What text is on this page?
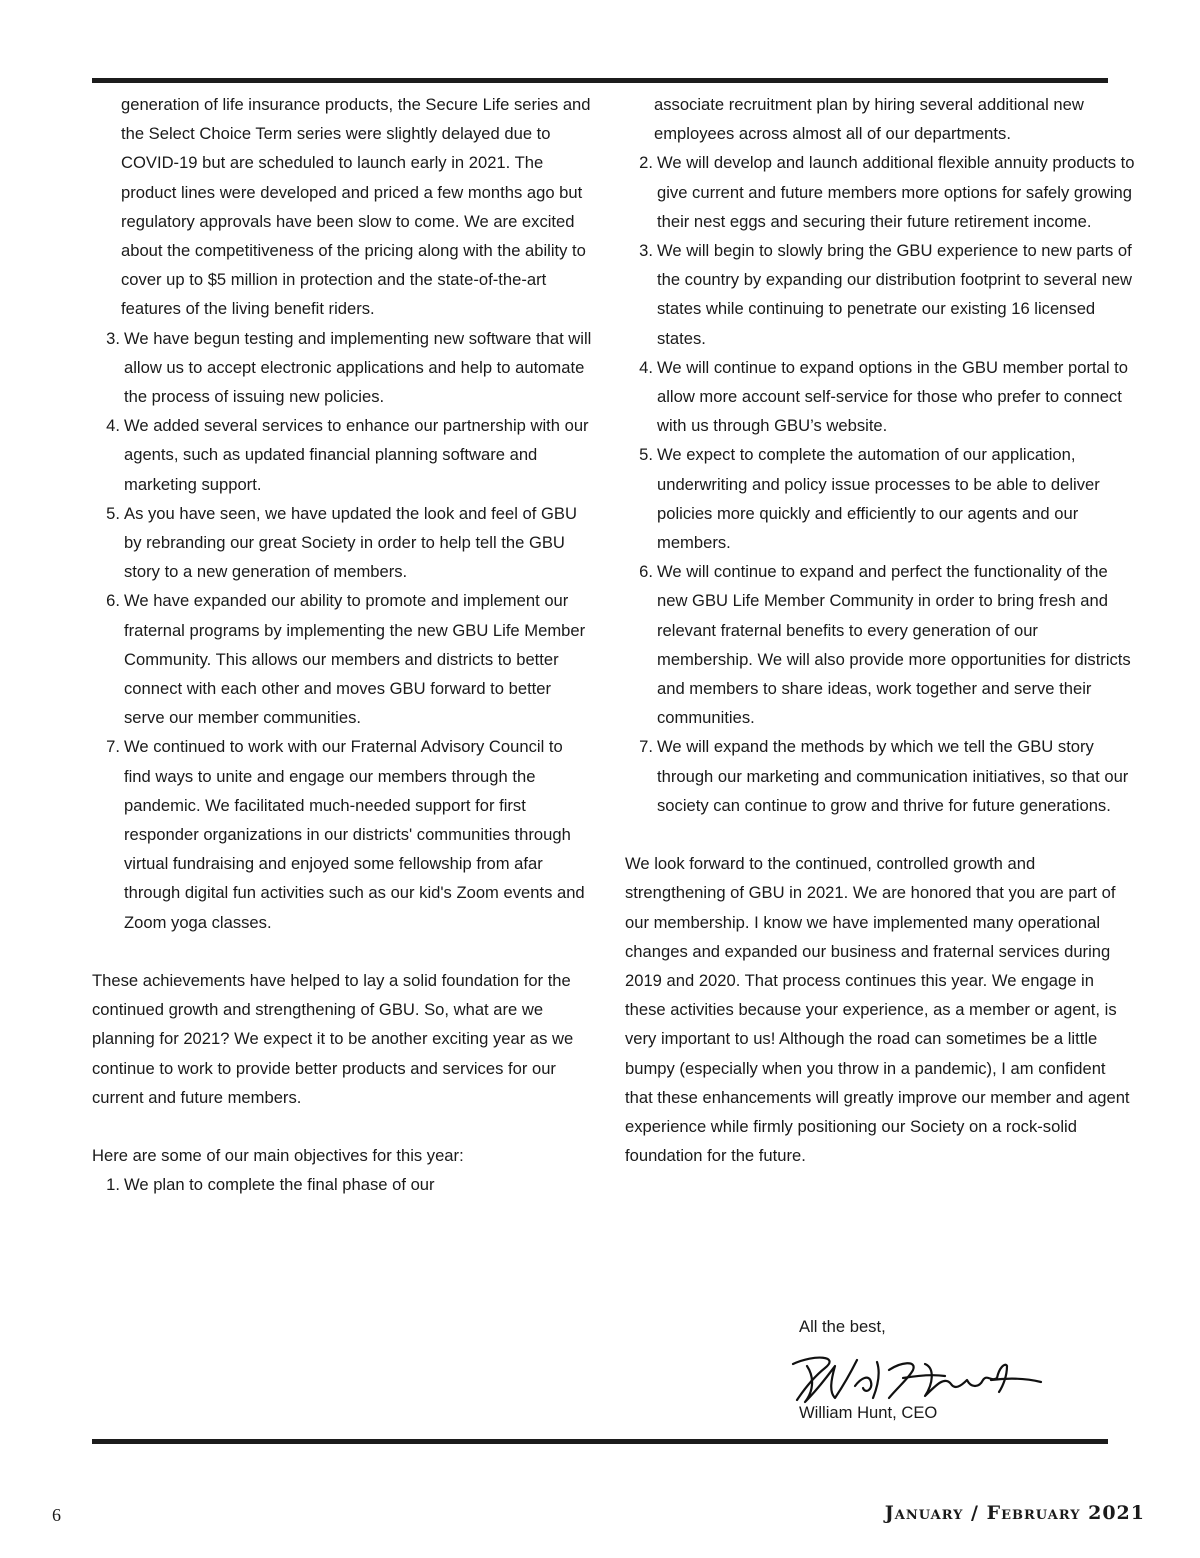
generation of life insurance products, the Secure Life series and the Select Choice Term series were slightly delayed due to COVID-19 but are scheduled to launch early in 2021. The product lines were developed and priced a few months ago but regulatory approvals have been slow to come. We are excited about the competitiveness of the pricing along with the ability to cover up to $5 million in protection and the state-of-the-art features of the living benefit riders.

3. We have begun testing and implementing new software that will allow us to accept electronic applications and help to automate the process of issuing new policies.
4. We added several services to enhance our partnership with our agents, such as updated financial planning software and marketing support.
5. As you have seen, we have updated the look and feel of GBU by rebranding our great Society in order to help tell the GBU story to a new generation of members.
6. We have expanded our ability to promote and implement our fraternal programs by implementing the new GBU Life Member Community. This allows our members and districts to better connect with each other and moves GBU forward to better serve our member communities.
7. We continued to work with our Fraternal Advisory Council to find ways to unite and engage our members through the pandemic. We facilitated much-needed support for first responder organizations in our districts' communities through virtual fundraising and enjoyed some fellowship from afar through digital fun activities such as our kid's Zoom events and Zoom yoga classes.

These achievements have helped to lay a solid foundation for the continued growth and strengthening of GBU. So, what are we planning for 2021? We expect it to be another exciting year as we continue to work to provide better products and services for our current and future members.

Here are some of our main objectives for this year:

1. We plan to complete the final phase of our

associate recruitment plan by hiring several additional new employees across almost all of our departments.

2. We will develop and launch additional flexible annuity products to give current and future members more options for safely growing their nest eggs and securing their future retirement income.
3. We will begin to slowly bring the GBU experience to new parts of the country by expanding our distribution footprint to several new states while continuing to penetrate our existing 16 licensed states.
4. We will continue to expand options in the GBU member portal to allow more account self-service for those who prefer to connect with us through GBU’s website.
5. We expect to complete the automation of our application, underwriting and policy issue processes to be able to deliver policies more quickly and efficiently to our agents and our members.
6. We will continue to expand and perfect the functionality of the new GBU Life Member Community in order to bring fresh and relevant fraternal benefits to every generation of our membership. We will also provide more opportunities for districts and members to share ideas, work together and serve their communities.
7. We will expand the methods by which we tell the GBU story through our marketing and communication initiatives, so that our society can continue to grow and thrive for future generations.

We look forward to the continued, controlled growth and strengthening of GBU in 2021. We are honored that you are part of our membership. I know we have implemented many operational changes and expanded our business and fraternal services during 2019 and 2020. That process continues this year. We engage in these activities because your experience, as a member or agent, is very important to us! Although the road can sometimes be a little bumpy (especially when you throw in a pandemic), I am confident that these enhancements will greatly improve our member and agent experience while firmly positioning our Society on a rock-solid foundation for the future.

All the best,
William Hunt, CEO
6	January / February 2021
